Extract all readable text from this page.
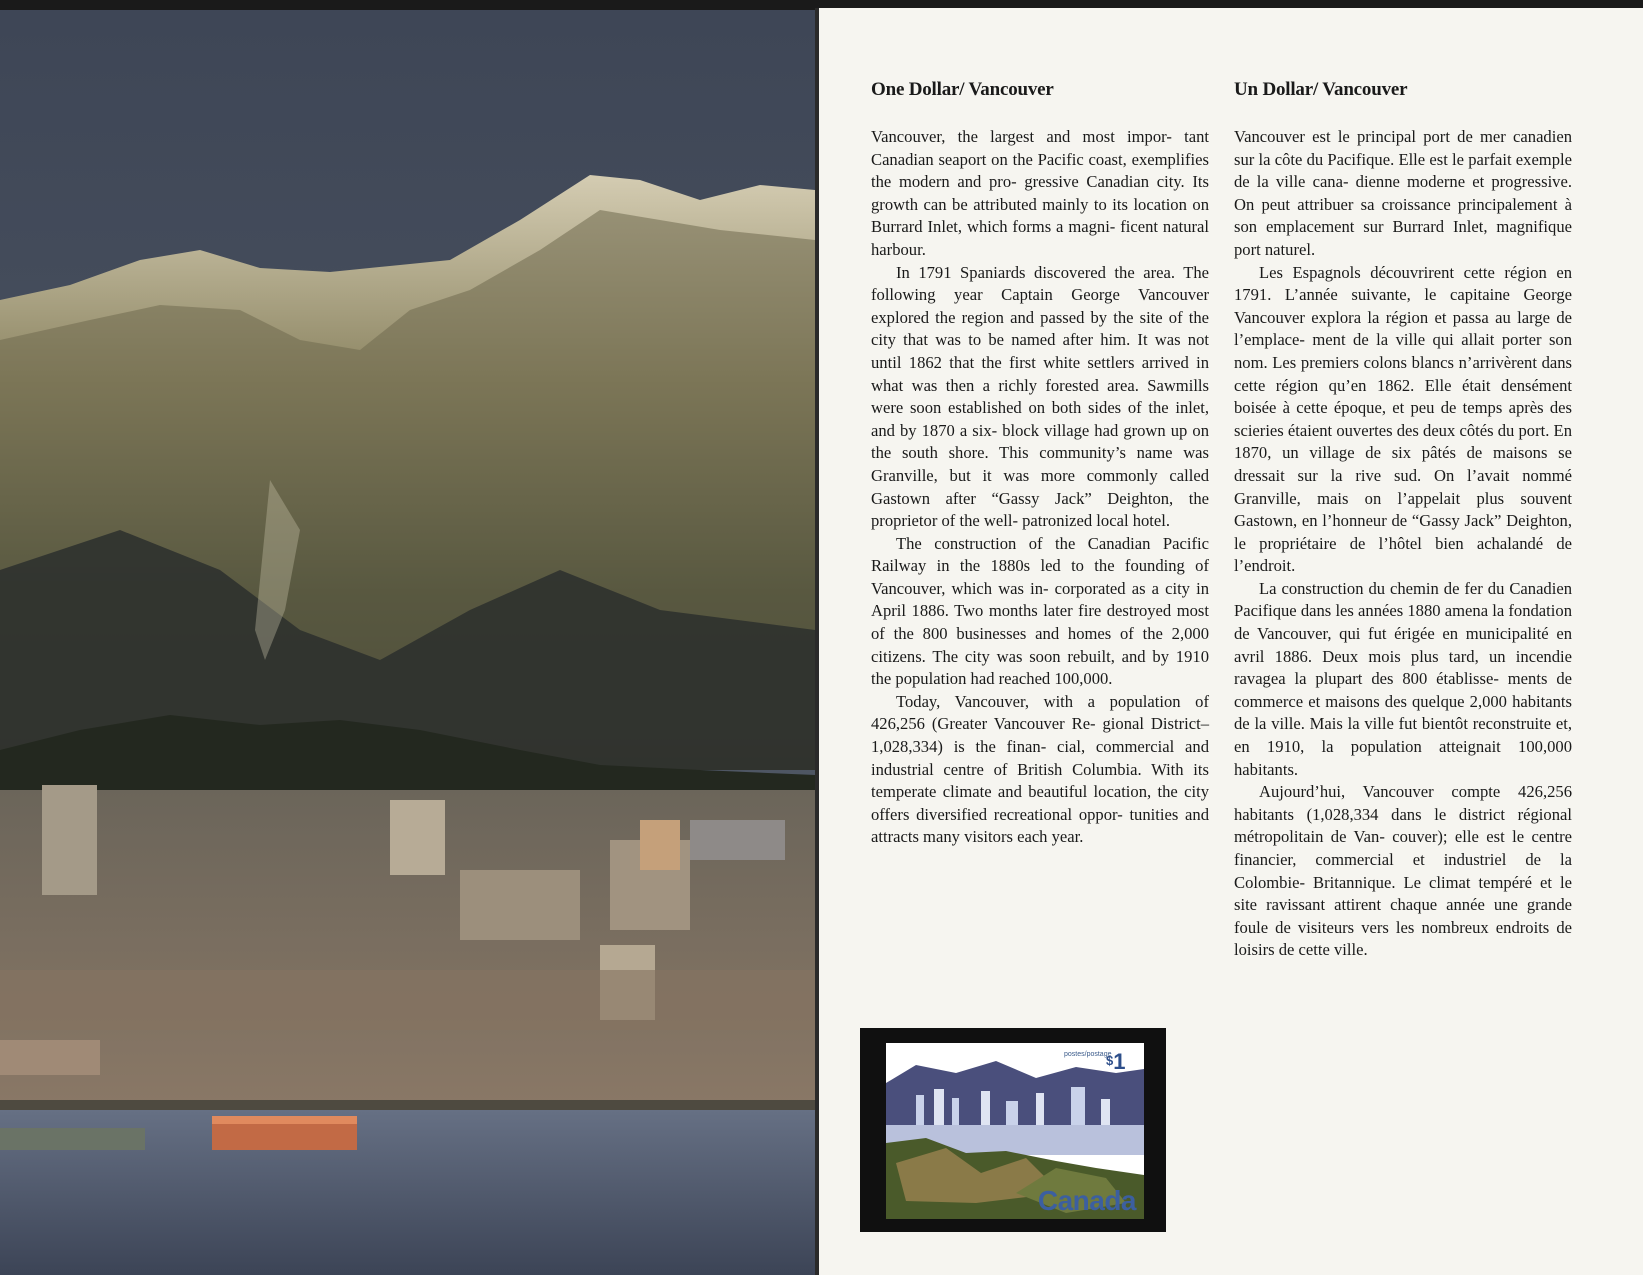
One Dollar/ Vancouver

Vancouver, the largest and most impor- tant Canadian seaport on the Pacific coast, exemplifies the modern and pro- gressive Canadian city. Its growth can be attributed mainly to its location on Burrard Inlet, which forms a magni- ficent natural harbour.

In 1791 Spaniards discovered the area. The following year Captain George Vancouver explored the region and passed by the site of the city that was to be named after him. It was not until 1862 that the first white settlers arrived in what was then a richly forested area. Sawmills were soon established on both sides of the inlet, and by 1870 a six- block village had grown up on the south shore. This community’s name was Granville, but it was more commonly called Gastown after “Gassy Jack” Deighton, the proprietor of the well- patronized local hotel.

The construction of the Canadian Pacific Railway in the 1880s led to the founding of Vancouver, which was in- corporated as a city in April 1886. Two months later fire destroyed most of the 800 businesses and homes of the 2,000 citizens. The city was soon rebuilt, and by 1910 the population had reached 100,000.

Today, Vancouver, with a population of 426,256 (Greater Vancouver Re- gional District–1,028,334) is the finan- cial, commercial and industrial centre of British Columbia. With its temperate climate and beautiful location, the city offers diversified recreational oppor- tunities and attracts many visitors each year.

Un Dollar/ Vancouver

Vancouver est le principal port de mer canadien sur la côte du Pacifique. Elle est le parfait exemple de la ville cana- dienne moderne et progressive. On peut attribuer sa croissance principalement à son emplacement sur Burrard Inlet, magnifique port naturel.

Les Espagnols découvrirent cette région en 1791. L’année suivante, le capitaine George Vancouver explora la région et passa au large de l’emplace- ment de la ville qui allait porter son nom. Les premiers colons blancs n’arrivèrent dans cette région qu’en 1862. Elle était densément boisée à cette époque, et peu de temps après des scieries étaient ouvertes des deux côtés du port. En 1870, un village de six pâtés de maisons se dressait sur la rive sud. On l’avait nommé Granville, mais on l’appelait plus souvent Gastown, en l’honneur de “Gassy Jack” Deighton, le propriétaire de l’hôtel bien achalandé de l’endroit.

La construction du chemin de fer du Canadien Pacifique dans les années 1880 amena la fondation de Vancouver, qui fut érigée en municipalité en avril 1886. Deux mois plus tard, un incendie ravagea la plupart des 800 établisse- ments de commerce et maisons des quelque 2,000 habitants de la ville. Mais la ville fut bientôt reconstruite et, en 1910, la population atteignait 100,000 habitants.

Aujourd’hui, Vancouver compte 426,256 habitants (1,028,334 dans le district régional métropolitain de Van- couver); elle est le centre financier, commercial et industriel de la Colombie- Britannique. Le climat tempéré et le site ravissant attirent chaque année une grande foule de visiteurs vers les nombreux endroits de loisirs de cette ville.

postes/postage
$1
Canada
